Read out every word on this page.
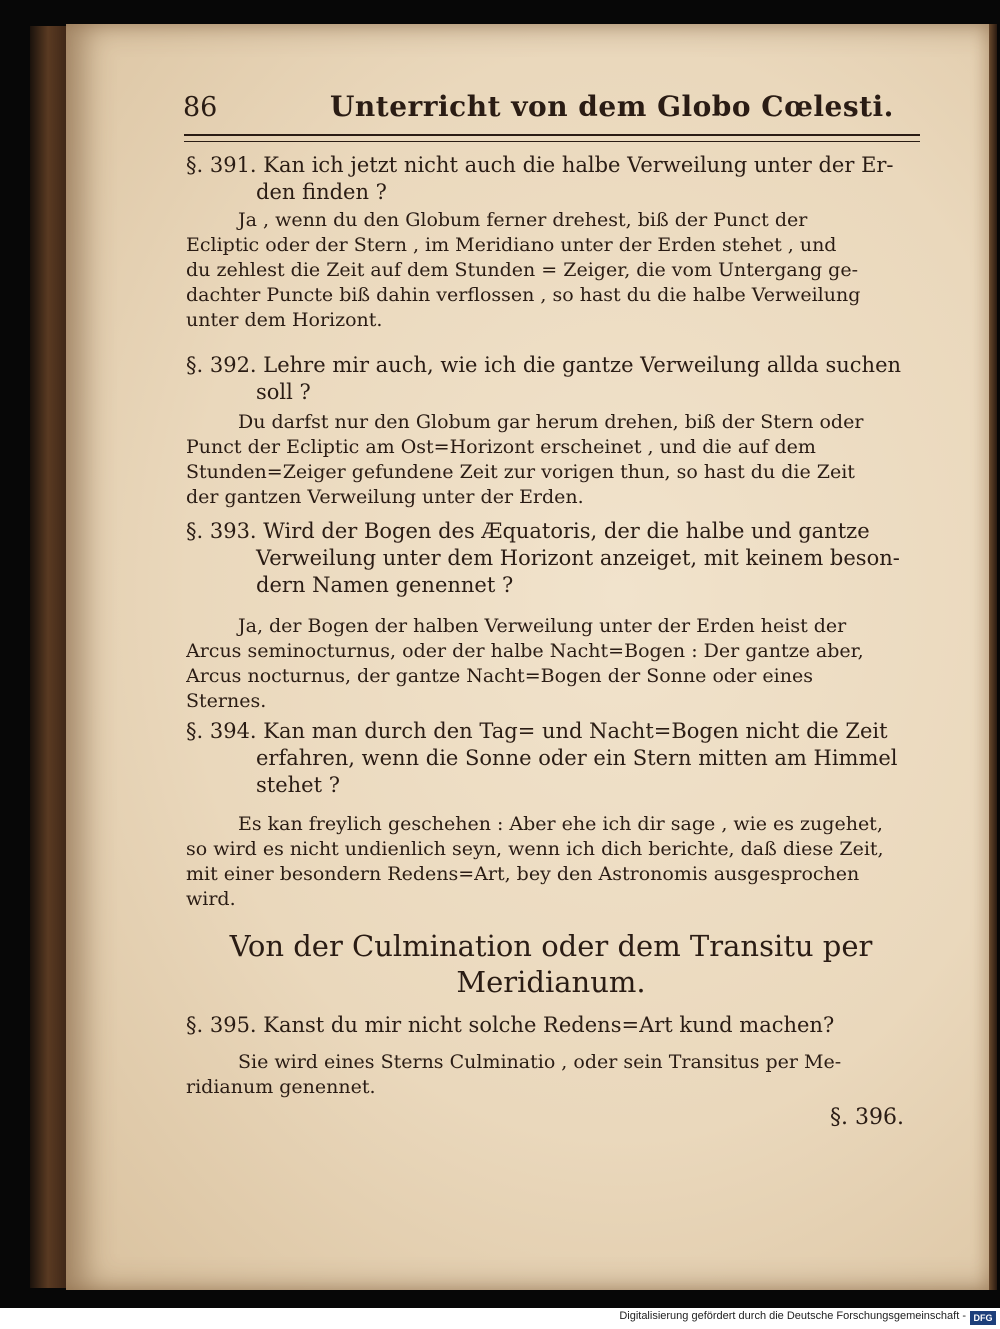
86	Unterricht von dem Globo Cœlesti.
§. 391. Kan ich jetzt nicht auch die halbe Verweilung unter der Er-
den finden ?
Ja , wenn du den Globum ferner drehest, biß der Punct der
Ecliptic oder der Stern , im Meridiano unter der Erden stehet , und
du zehlest die Zeit auf dem Stunden = Zeiger, die vom Untergang ge-
dachter Puncte biß dahin verflossen , so hast du die halbe Verweilung
unter dem Horizont.
§. 392. Lehre mir auch, wie ich die gantze Verweilung allda suchen
soll ?
Du darfst nur den Globum gar herum drehen, biß der Stern oder
Punct der Ecliptic am Ost=Horizont erscheinet , und die auf dem
Stunden=Zeiger gefundene Zeit zur vorigen thun, so hast du die Zeit
der gantzen Verweilung unter der Erden.
§. 393. Wird der Bogen des Æquatoris, der die halbe und gantze
Verweilung unter dem Horizont anzeiget, mit keinem beson-
dern Namen genennet ?
Ja, der Bogen der halben Verweilung unter der Erden heist der
Arcus seminocturnus, oder der halbe Nacht=Bogen : Der gantze aber,
Arcus nocturnus, der gantze Nacht=Bogen der Sonne oder eines
Sternes.
§. 394. Kan man durch den Tag= und Nacht=Bogen nicht die Zeit
erfahren, wenn die Sonne oder ein Stern mitten am Himmel
stehet ?
Es kan freylich geschehen : Aber ehe ich dir sage , wie es zugehet,
so wird es nicht undienlich seyn, wenn ich dich berichte, daß diese Zeit,
mit einer besondern Redens=Art, bey den Astronomis ausgesprochen
wird.
Von der Culmination oder dem Transitu per
Meridianum.
§. 395. Kanst du mir nicht solche Redens=Art kund machen?
Sie wird eines Sterns Culminatio , oder sein Transitus per Me-
ridianum genennet.
§. 396.
Digitalisierung gefördert durch die Deutsche Forschungsgemeinschaft - DFG
